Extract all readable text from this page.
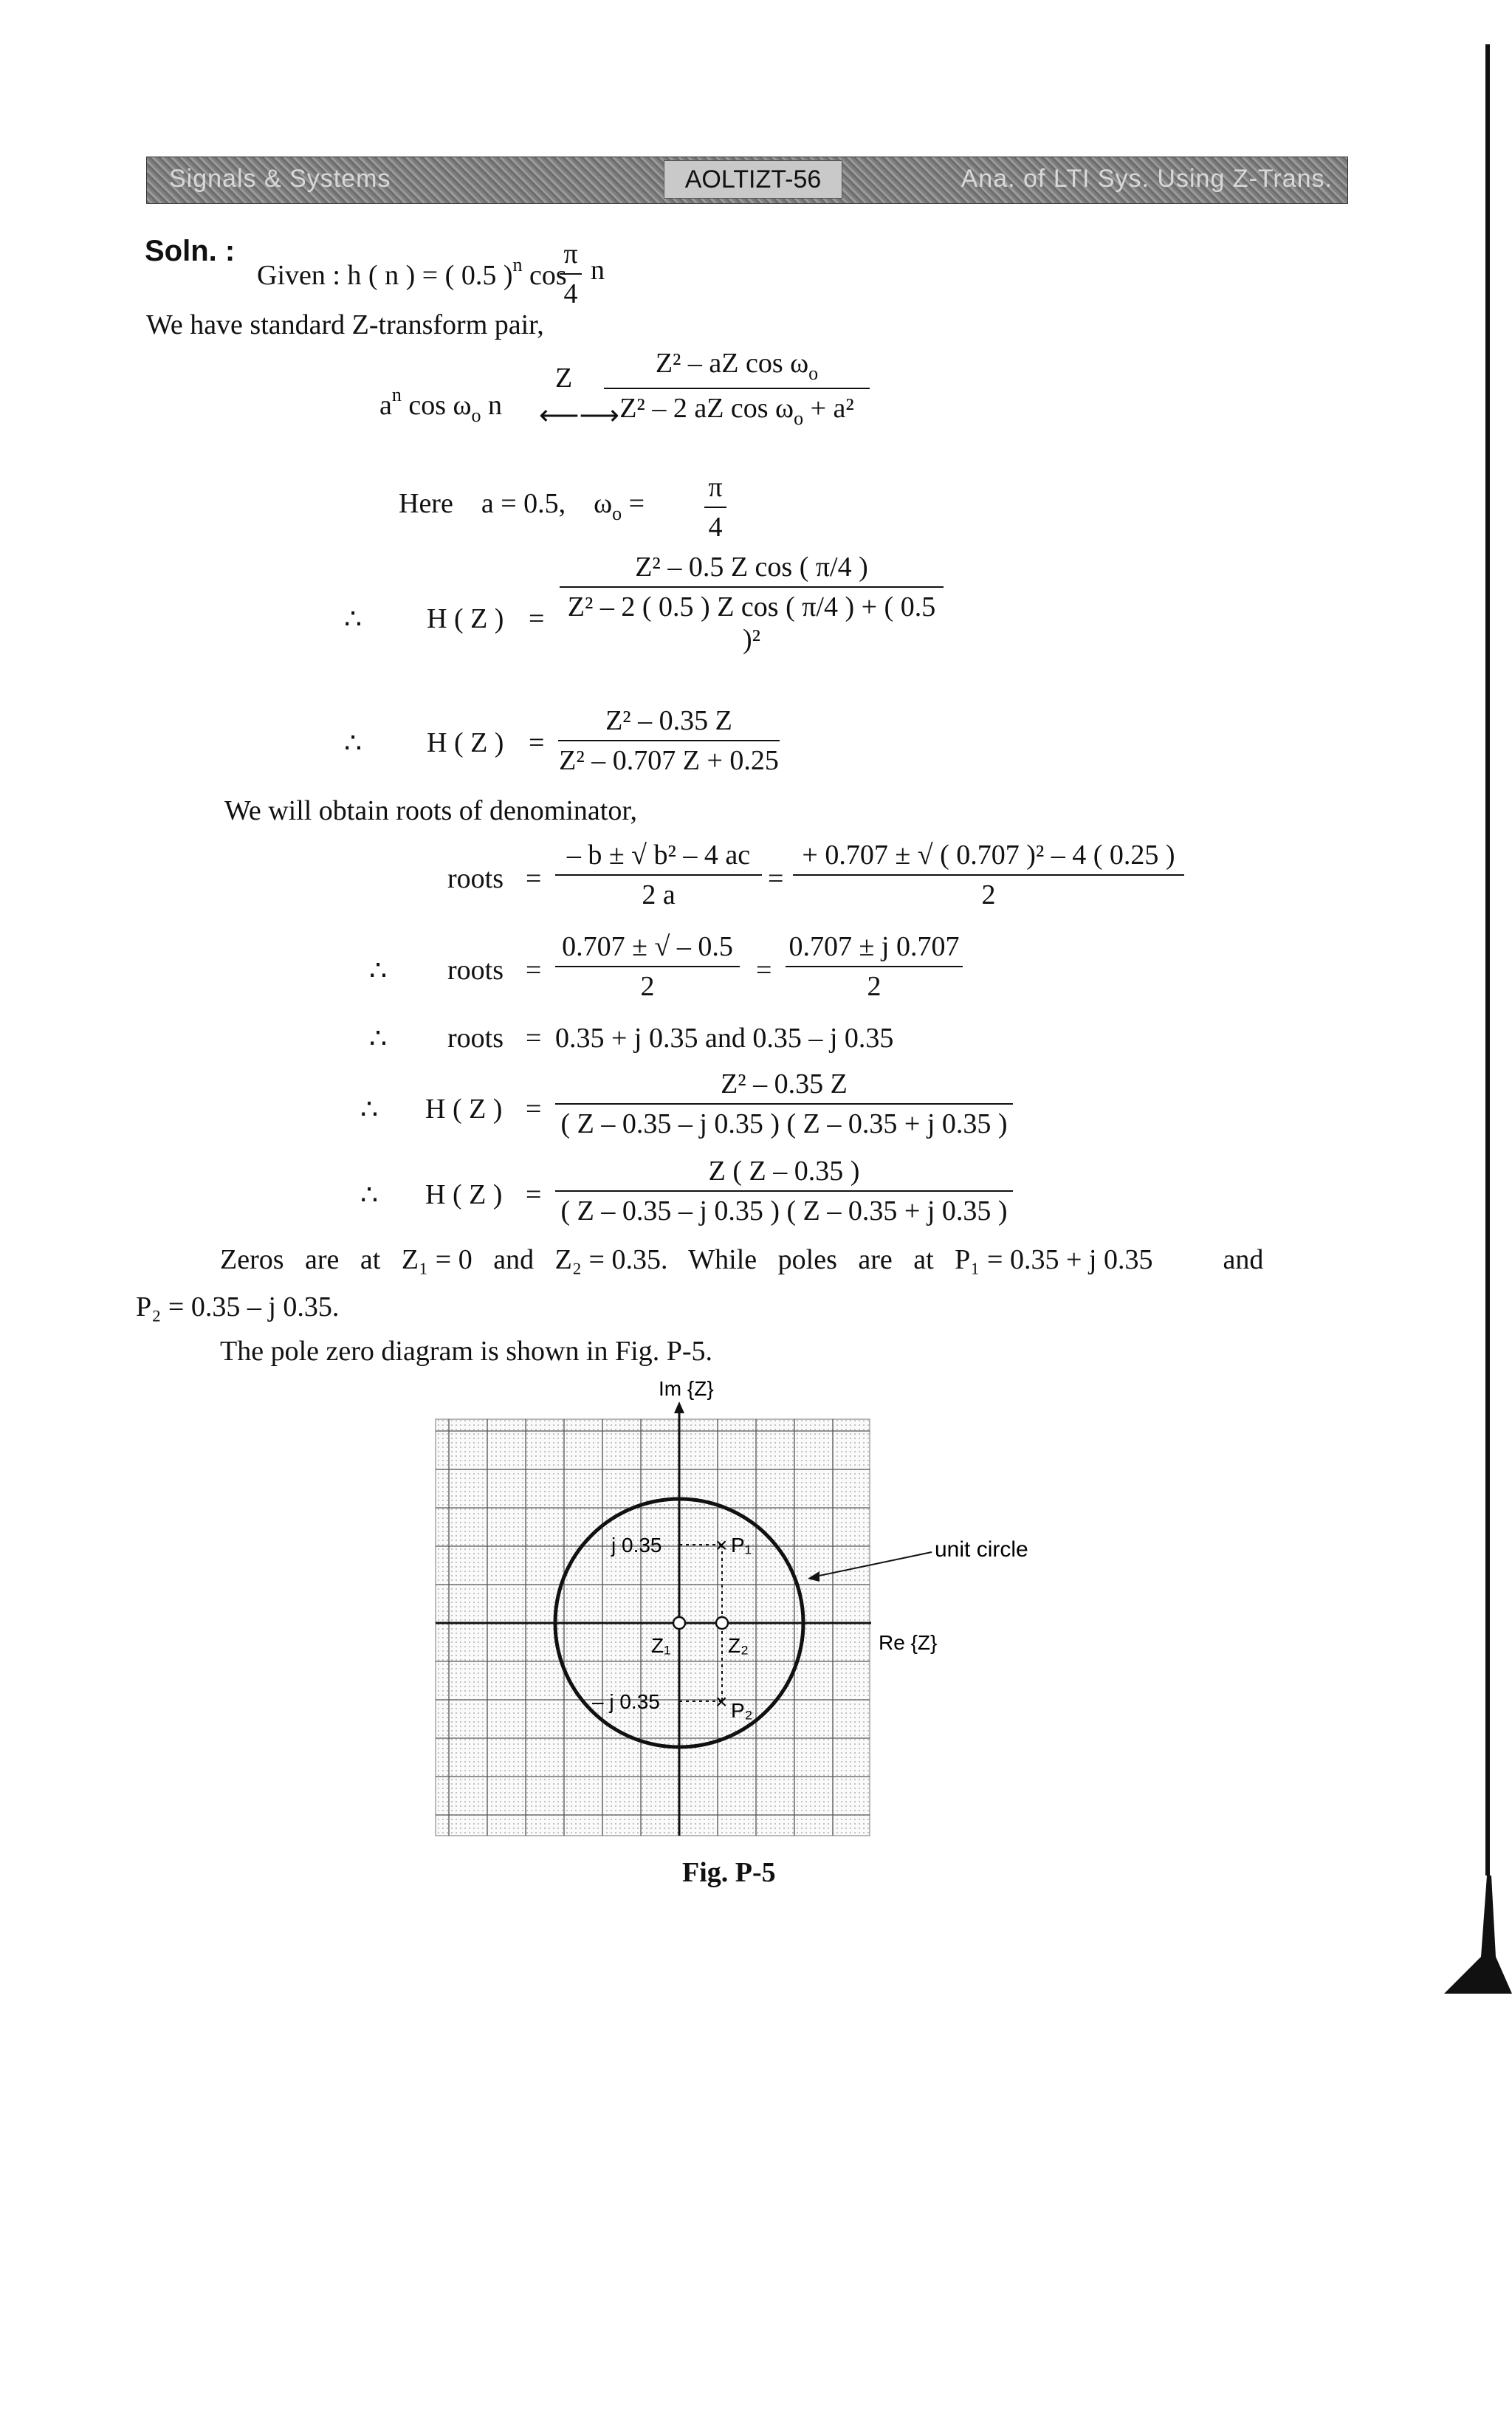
Signals & Systems	AOLTIZT-56	Ana. of LTI Sys. Using Z-Trans.
Soln. :
Given : h ( n ) = ( 0.5 )$^n$ cos
π
4
n
We have standard Z-transform pair,
$a^n$ $\cos \omega_o$ n
Z
⟵⟶
Z² – aZ $\cos \omega_o$
Z² – 2 aZ $\cos \omega_o + a^2$
Here a = 0.5, $\omega_o$ =
π
4
∴ H ( Z ) =
Z² – 0.5 Z cos ( π/4 )
Z² – 2 ( 0.5 ) Z cos ( π/4 ) + ( 0.5 )²
∴ H ( Z ) =
Z² – 0.35 Z
Z² – 0.707 Z + 0.25
We will obtain roots of denominator,
roots =
– b ± √ b² – 4 ac
2 a
=
+ 0.707 ± √ ( 0.707 )² – 4 ( 0.25 )
2
∴ roots =
0.707 ± √ – 0.5
2
=
0.707 ± j 0.707
2
∴ roots = 0.35 + j 0.35 and 0.35 – j 0.35
∴ H ( Z ) =
Z² – 0.35 Z
( Z – 0.35 – j 0.35 ) ( Z – 0.35 + j 0.35 )
∴ H ( Z ) =
Z ( Z – 0.35 )
( Z – 0.35 – j 0.35 ) ( Z – 0.35 + j 0.35 )
Zeros   are   at   Z₁ = 0   and   Z₂ = 0.35.   While   poles   are   at   P₁ = 0.35 + j 0.35          and
P₂ = 0.35 – j 0.35.
The pole zero diagram is shown in Fig. P-5.
×
×
Im {Z}
Re {Z}
unit circle
j 0.35
– j 0.35
P₁
P₂
Z₁	Z₂
Fig. P-5
